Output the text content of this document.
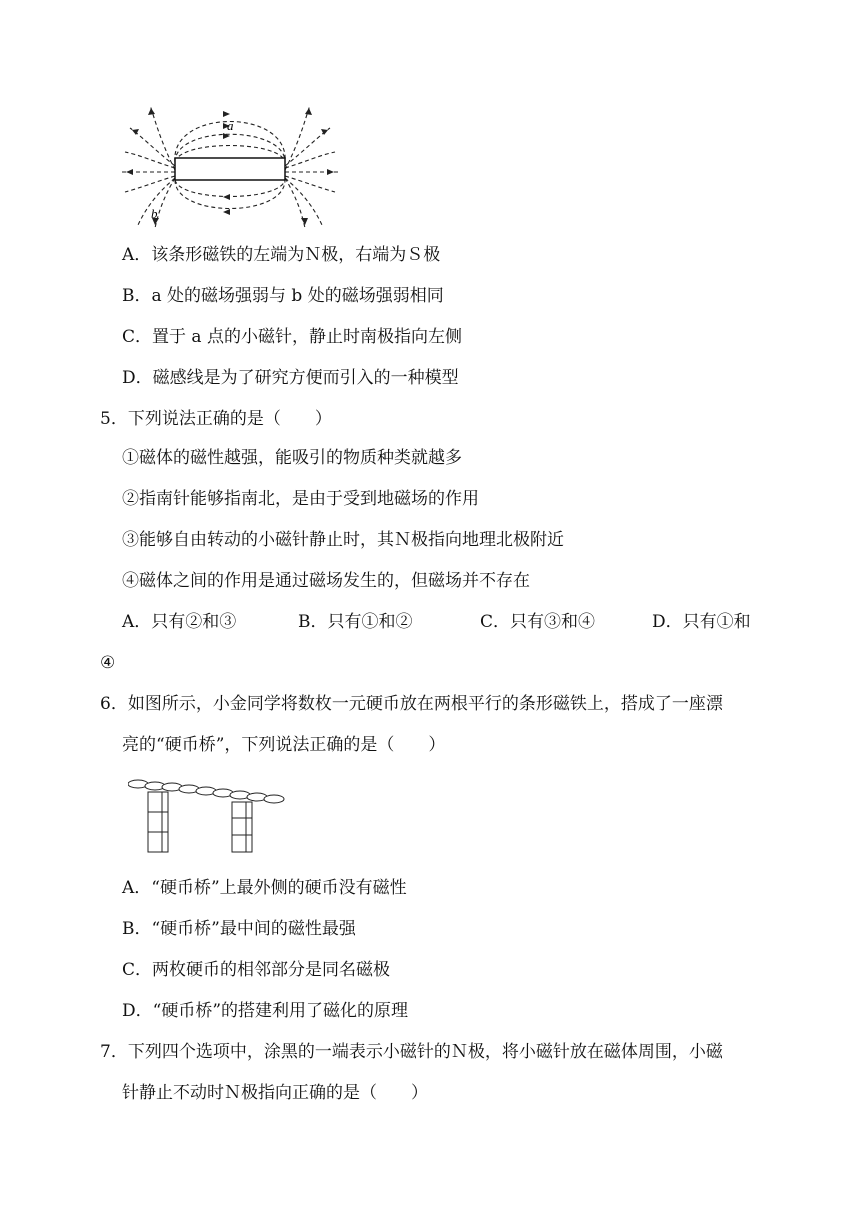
a
b
A．该条形磁铁的左端为Ｎ极，右端为Ｓ极
B．a 处的磁场强弱与 b 处的磁场强弱相同
C．置于 a 点的小磁针，静止时南极指向左侧
D．磁感线是为了研究方便而引入的一种模型
5．下列说法正确的是（　　）
①磁体的磁性越强，能吸引的物质种类就越多
②指南针能够指南北，是由于受到地磁场的作用
③能够自由转动的小磁针静止时，其Ｎ极指向地理北极附近
④磁体之间的作用是通过磁场发生的，但磁场并不存在
A．只有②和③	B．只有①和②	C．只有③和④	D．只有①和
④
6．如图所示，小金同学将数枚一元硬币放在两根平行的条形磁铁上，搭成了一座漂
亮的“硬币桥”，下列说法正确的是（　　）
A．“硬币桥”上最外侧的硬币没有磁性
B．“硬币桥”最中间的磁性最强
C．两枚硬币的相邻部分是同名磁极
D．“硬币桥”的搭建利用了磁化的原理
7．下列四个选项中，涂黑的一端表示小磁针的Ｎ极，将小磁针放在磁体周围，小磁
针静止不动时Ｎ极指向正确的是（　　）
